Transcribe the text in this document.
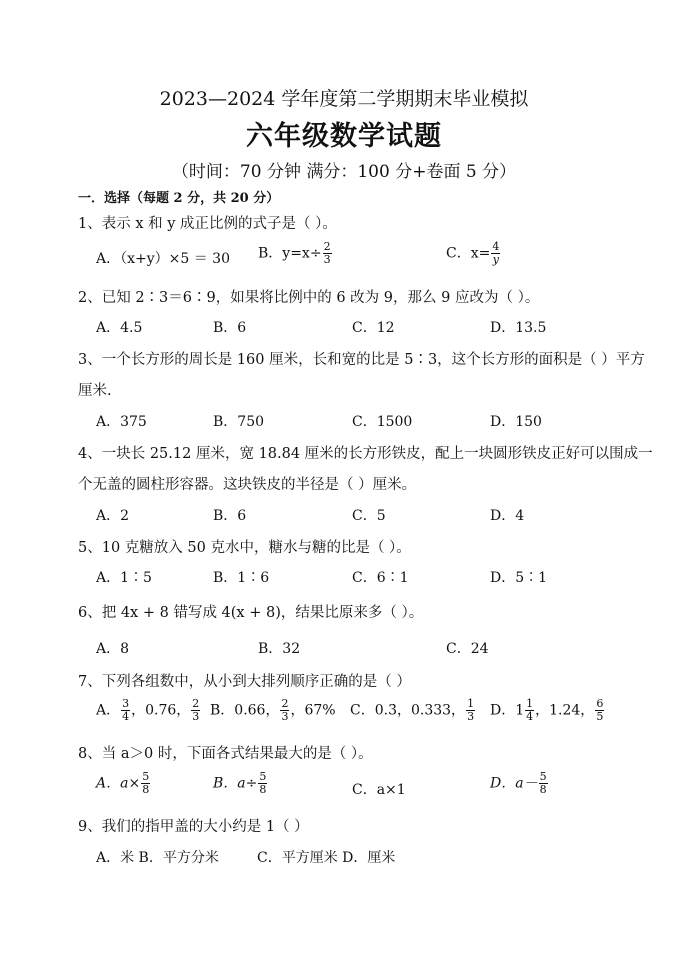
2023—2024 学年度第二学期期末毕业模拟
六年级数学试题
（时间：70 分钟 满分：100 分+卷面 5 分）
一．选择（每题 2 分，共 20 分）
1、表示 x 和 y 成正比例的式子是（ ）。
A．（x+y）×5 ＝ 30 B．$y=x\div \frac{2}{3}$	C．$x= \frac{4}{y}$
2、已知 2∶3＝6∶9，如果将比例中的 6 改为 9，那么 9 应改为（ ）。
A．4.5	B．6	C．12	D．13.5
3、一个长方形的周长是 160 厘米，长和宽的比是 5∶3，这个长方形的面积是（ ）平方
厘米.
A．375	B．750	C．1500	D．150
4、一块长 25.12 厘米，宽 18.84 厘米的长方形铁皮，配上一块圆形铁皮正好可以围成一
个无盖的圆柱形容器。这块铁皮的半径是（ ）厘米。
A．2	B．6	C．5	D．4
5、10 克糖放入 50 克水中，糖水与糖的比是（ ）。
A．1∶5	B．1∶6	C．6∶1	D．5∶1
6、把 4x + 8 错写成 4(x + 8)，结果比原来多（ ）。
A．8	B．32	C．24
7、下列各组数中，从小到大排列顺序正确的是（ ）
A． $\frac{3}{4}$ ，0.76， $\frac{2}{3}$ B．0.66， $\frac{2}{3}$ ，67% C．0.3̇，0.333， $\frac{1}{3}$ D．$1 \frac{1}{4}$ ，1.24， $\frac{6}{5}$
8、当 a＞0 时，下面各式结果最大的是（ ）。
A．$a\times \frac{5}{8}$	B．$a\div \frac{5}{8}$	C．a×1	D．$a- \frac{5}{8}$
9、我们的指甲盖的大小约是 1（ ）
A．米 B．平方分米	C．平方厘米 D．厘米
